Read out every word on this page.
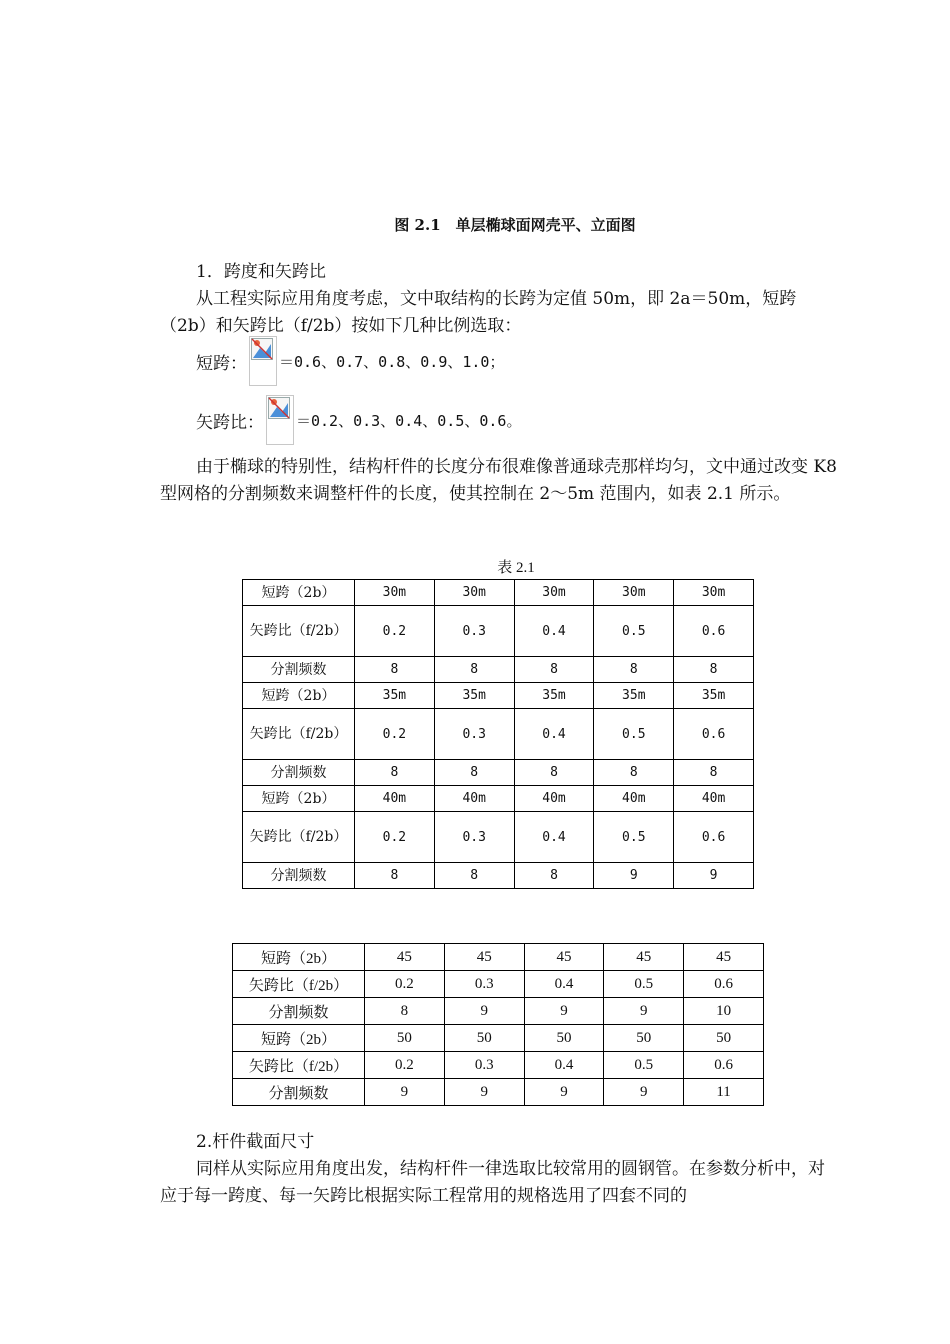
图 2.1　单层椭球面网壳平、立面图
1．跨度和矢跨比

从工程实际应用角度考虑，文中取结构的长跨为定值 50m，即 2a＝50m，短跨（2b）和矢跨比（f/2b）按如下几种比例选取：

短跨： ＝0.6、0.7、0.8、0.9、1.0；
矢跨比： ＝0.2、0.3、0.4、0.5、0.6。

由于椭球的特别性，结构杆件的长度分布很难像普通球壳那样均匀，文中通过改变 K8 型网格的分割频数来调整杆件的长度，使其控制在 2～5m 范围内，如表 2.1 所示。

表 2.1
短跨（2b）	30m	30m	30m	30m	30m
矢跨比（f/2b）	0.2	0.3	0.4	0.5	0.6
分割频数	8	8	8	8	8
短跨（2b）	35m	35m	35m	35m	35m
矢跨比（f/2b）	0.2	0.3	0.4	0.5	0.6
分割频数	8	8	8	8	8
短跨（2b）	40m	40m	40m	40m	40m
矢跨比（f/2b）	0.2	0.3	0.4	0.5	0.6
分割频数	8	8	8	9	9
短跨（2b）	45	45	45	45	45
矢跨比（f/2b）	0.2	0.3	0.4	0.5	0.6
分割频数	8	9	9	9	10
短跨（2b）	50	50	50	50	50
矢跨比（f/2b）	0.2	0.3	0.4	0.5	0.6
分割频数	9	9	9	9	11
2.杆件截面尺寸

同样从实际应用角度出发，结构杆件一律选取比较常用的圆钢管。在参数分析中，对应于每一跨度、每一矢跨比根据实际工程常用的规格选用了四套不同的
